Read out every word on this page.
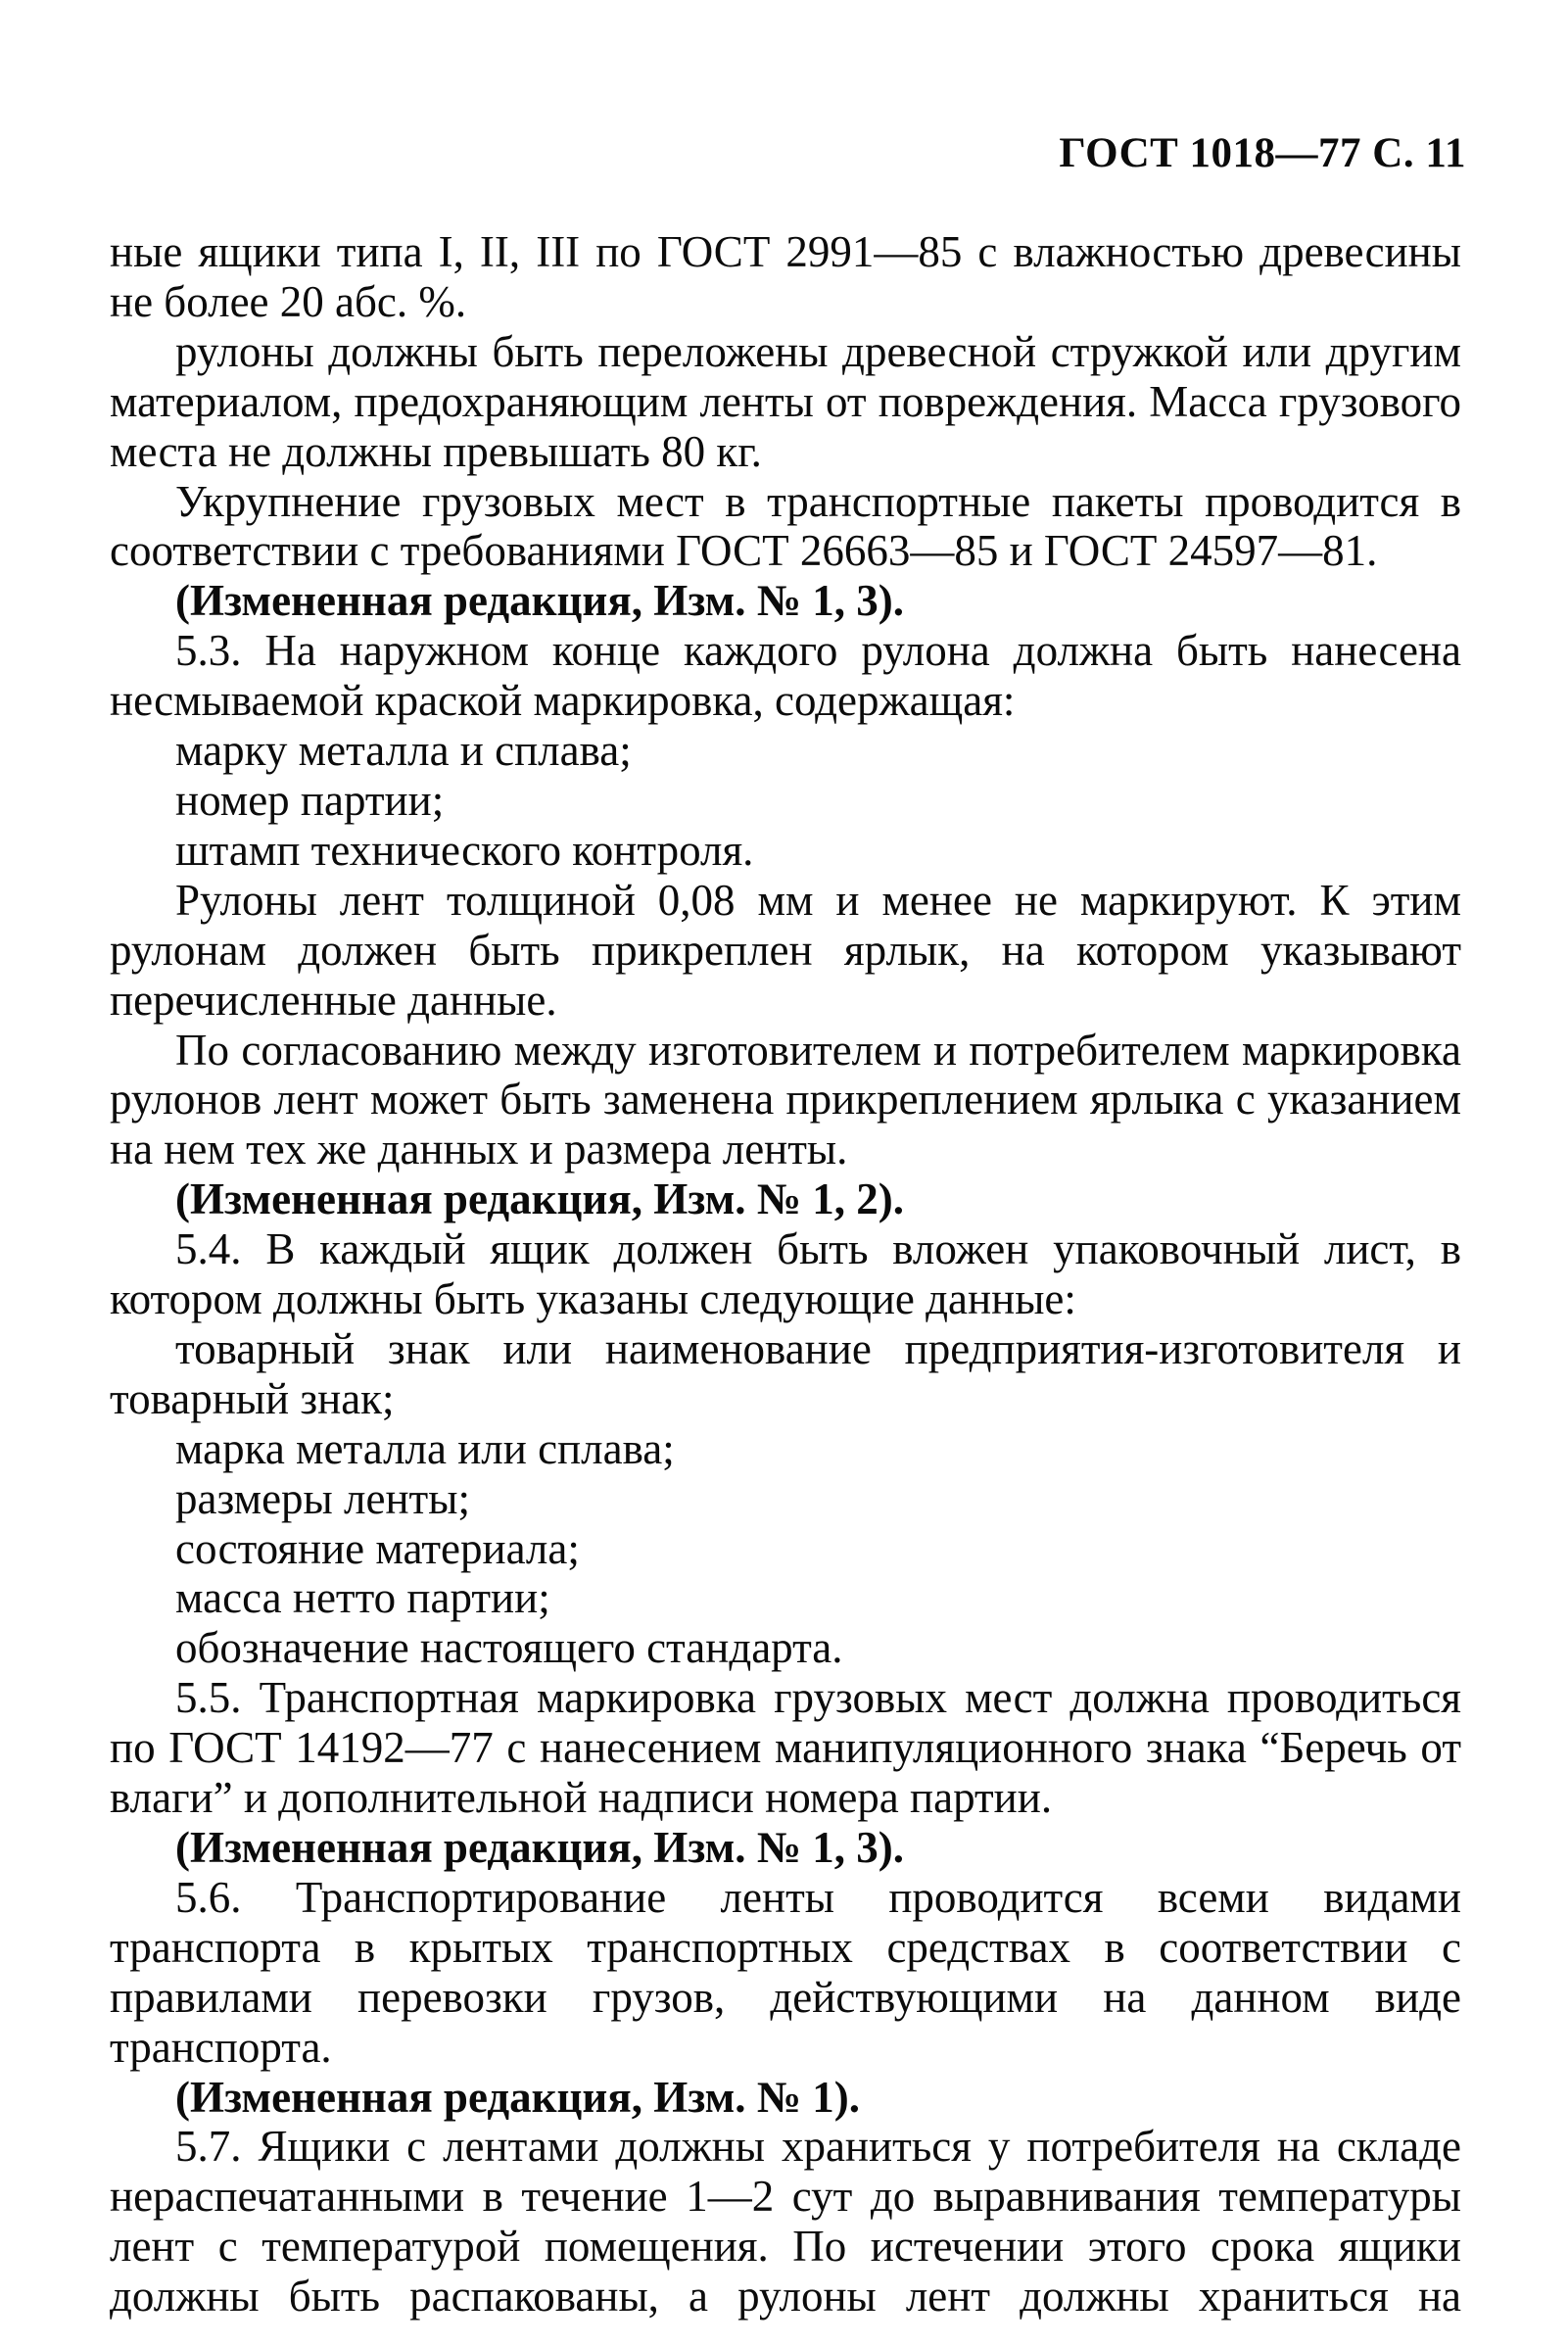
ГОСТ 1018—77 С. 11

ные ящики типа I, II, III по ГОСТ 2991—85 с влажностью древесины не более 20 абс. %.

рулоны должны быть переложены древесной стружкой или другим материалом, предохраняющим ленты от повреждения. Масса грузового места не должны превышать 80 кг.

Укрупнение грузовых мест в транспортные пакеты проводится в соответствии с требованиями ГОСТ 26663—85 и ГОСТ 24597—81.

(Измененная редакция, Изм. № 1, 3).

5.3. На наружном конце каждого рулона должна быть нанесена несмываемой краской маркировка, содержащая:

марку металла и сплава;

номер партии;

штамп технического контроля.

Рулоны лент толщиной 0,08 мм и менее не маркируют. К этим рулонам должен быть прикреплен ярлык, на котором указывают перечисленные данные.

По согласованию между изготовителем и потребителем маркировка рулонов лент может быть заменена прикреплением ярлыка с указанием на нем тех же данных и размера ленты.

(Измененная редакция, Изм. № 1, 2).

5.4. В каждый ящик должен быть вложен упаковочный лист, в котором должны быть указаны следующие данные:

товарный знак или наименование предприятия-изготовителя и товарный знак;

марка металла или сплава;

размеры ленты;

состояние материала;

масса нетто партии;

обозначение настоящего стандарта.

5.5. Транспортная маркировка грузовых мест должна проводиться по ГОСТ 14192—77 с нанесением манипуляционного знака “Беречь от влаги” и дополнительной надписи номера партии.

(Измененная редакция, Изм. № 1, 3).

5.6. Транспортирование ленты проводится всеми видами транспорта в крытых транспортных средствах в соответствии с правилами перевозки грузов, действующими на данном виде транспорта.

(Измененная редакция, Изм. № 1).

5.7. Ящики с лентами должны храниться у потребителя на складе нераспечатанными в течение 1—2 сут до выравнивания температуры лент с температурой помещения. По истечении этого срока ящики должны быть распакованы, а рулоны лент должны храниться на
